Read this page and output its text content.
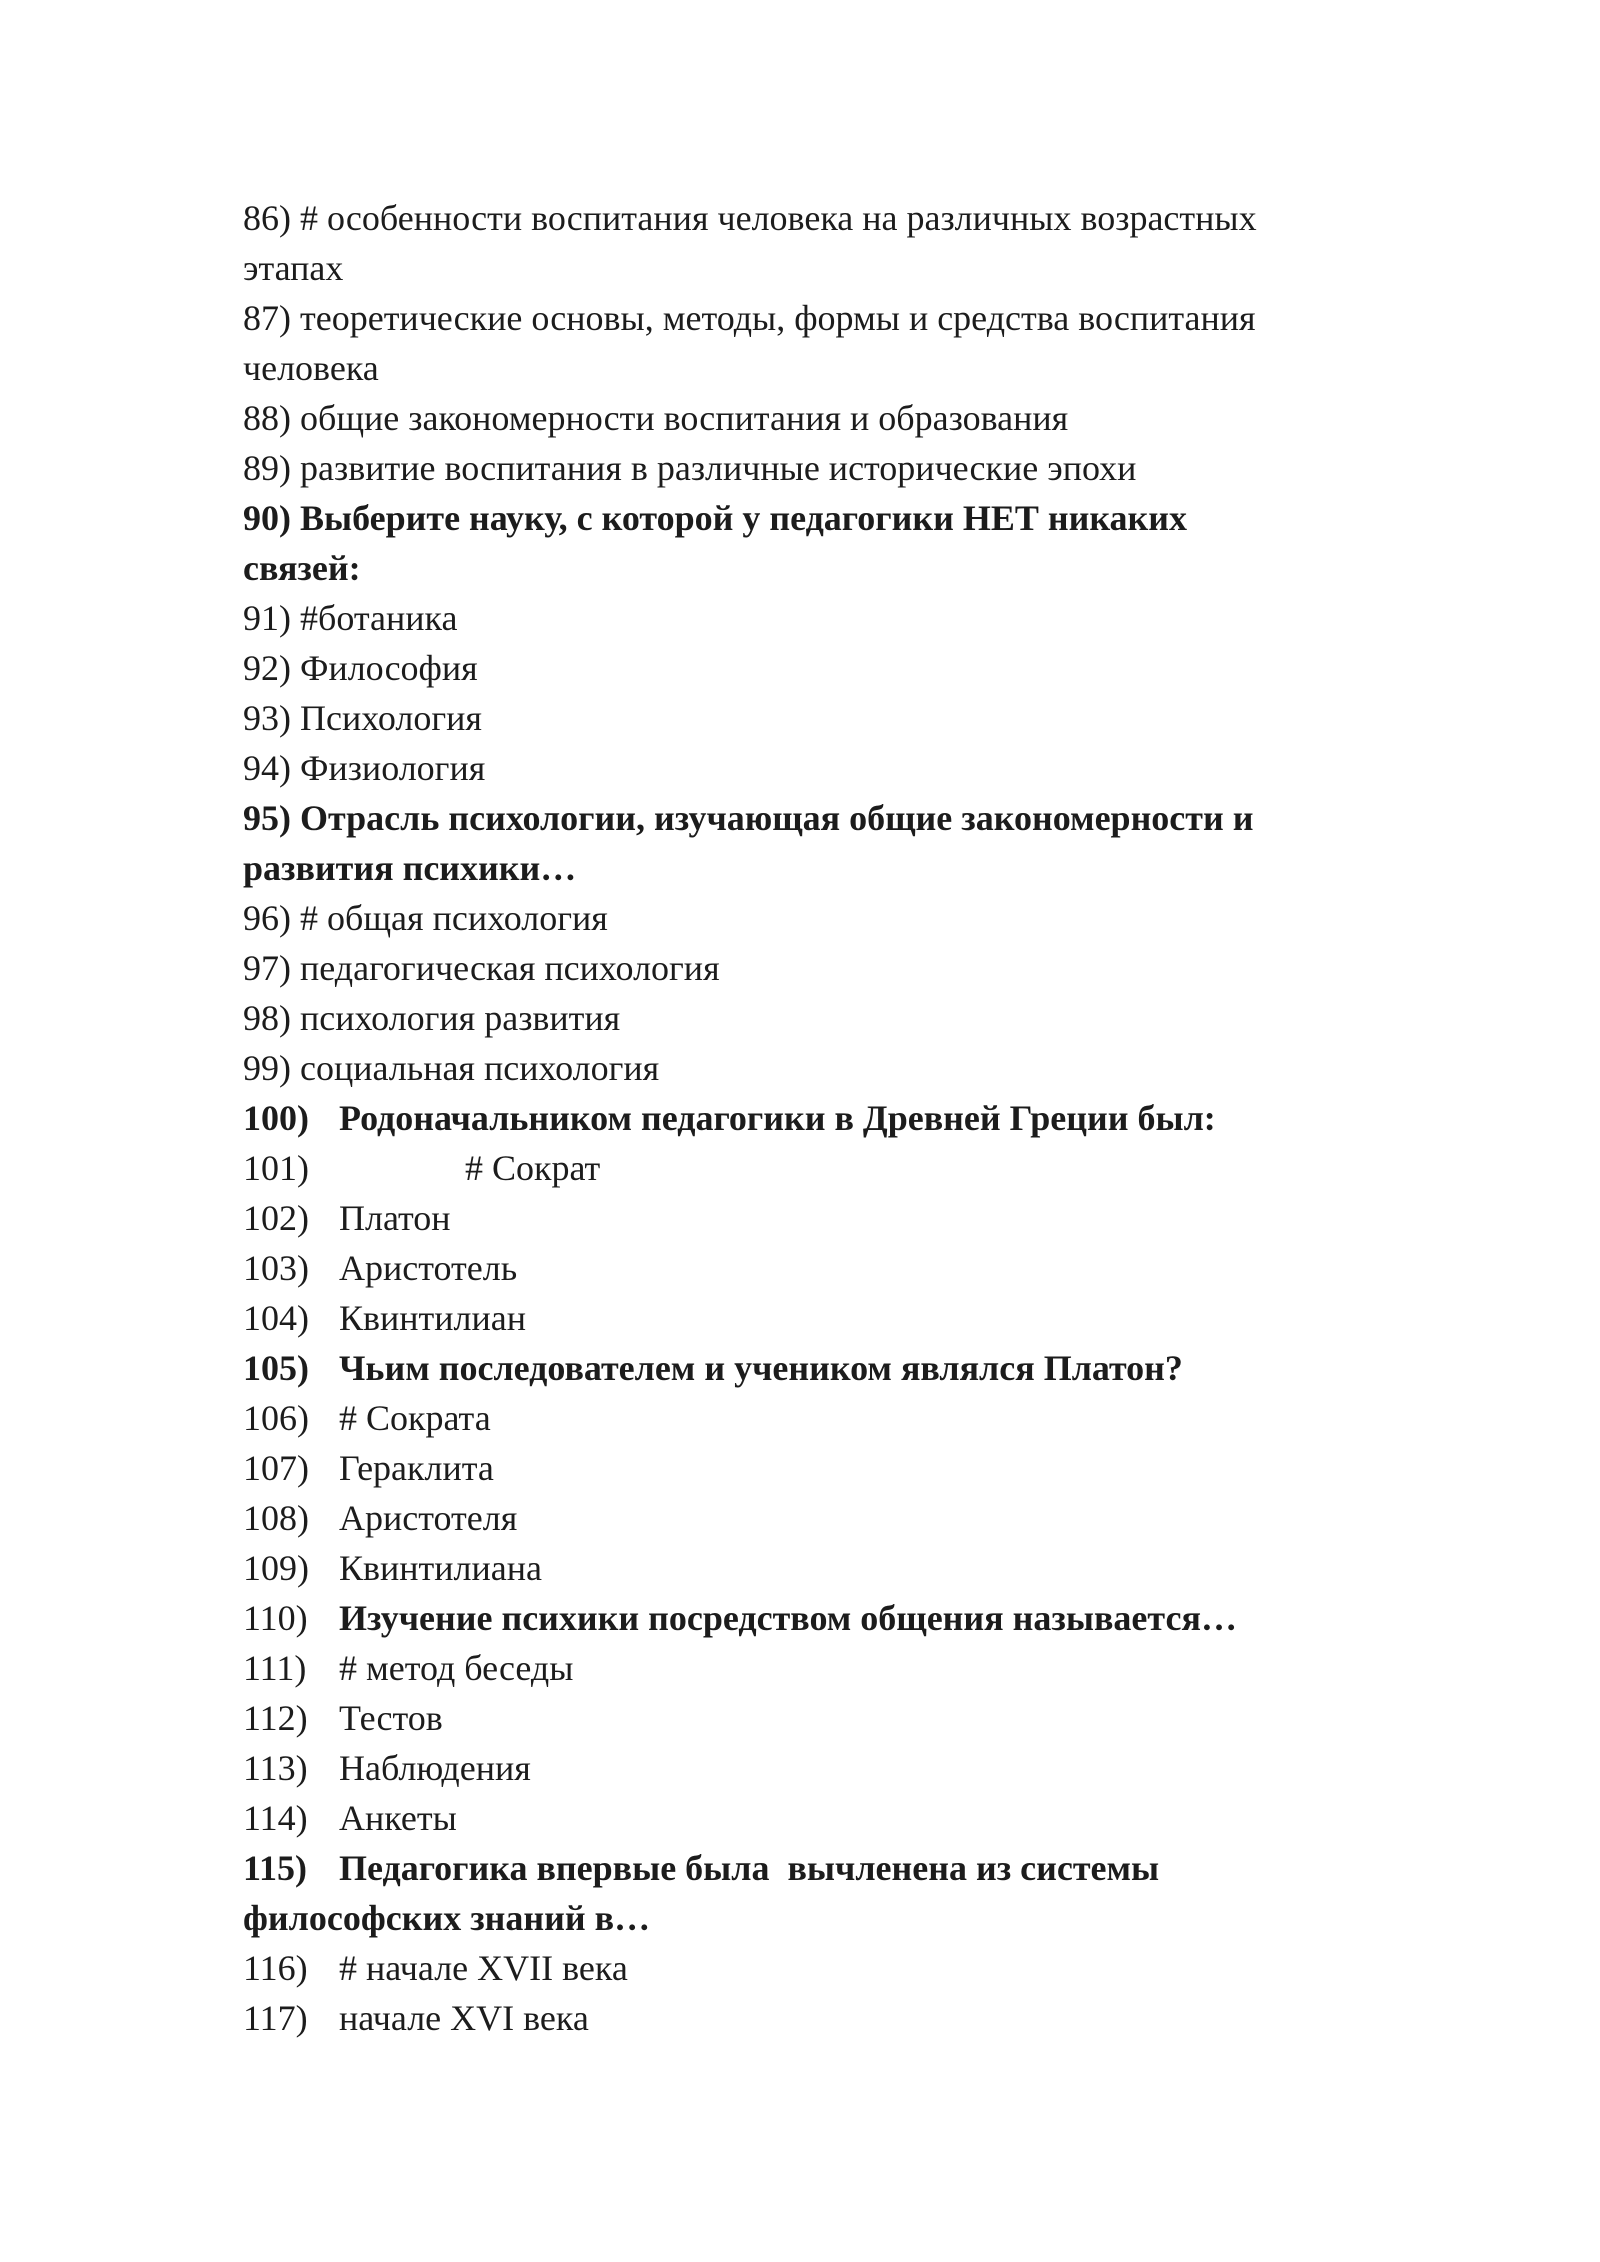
86) # особенности воспитания человека на различных возрастных
этапах
87) теоретические основы, методы, формы и средства воспитания
человека
88) общие закономерности воспитания и образования
89) развитие воспитания в различные исторические эпохи
90) Выберите науку, с которой у педагогики НЕТ никаких
связей:
91) #ботаника
92) Философия
93) Психология
94) Физиология
95) Отрасль психологии, изучающая общие закономерности и
развития психики…
96) # общая психология
97) педагогическая психология
98) психология развития
99) социальная психология
100) Родоначальником педагогики в Древней Греции был:
101)              # Сократ
102) Платон
103) Аристотель
104) Квинтилиан
105) Чьим последователем и учеником являлся Платон?
106) # Сократа
107) Гераклита
108) Аристотеля
109) Квинтилиана
110) Изучение психики посредством общения называется…
111) # метод беседы
112) Тестов
113) Наблюдения
114) Анкеты
115) Педагогика впервые была  вычленена из системы
философских знаний в…
116) # начале XVII века
117) начале XVI века
